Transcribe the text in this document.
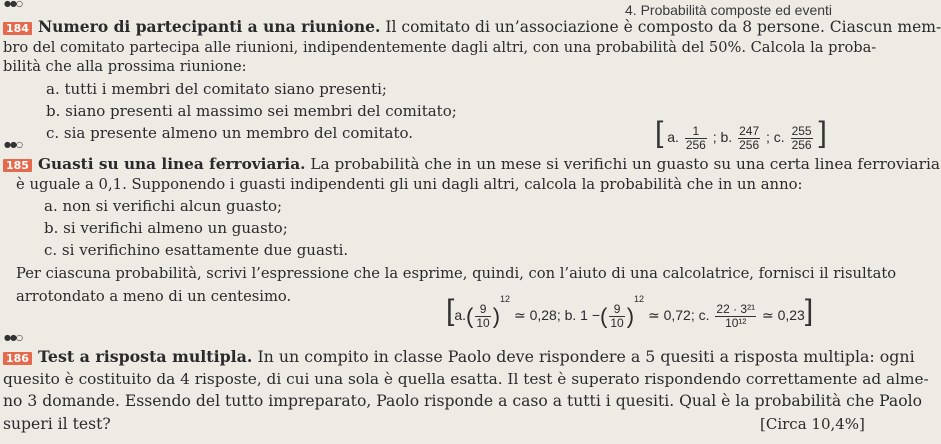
●●○	4. Probabilità composte ed eventi
184 Numero di partecipanti a una riunione. Il comitato di un’associazione è composto da 8 persone. Ciascun mem-
bro del comitato partecipa alle riunioni, indipendentemente dagli altri, con una probabilità del 50%. Calcola la proba-
bilità che alla prossima riunione:
a. tutti i membri del comitato siano presenti;
b. siano presenti al massimo sei membri del comitato;
c. sia presente almeno un membro del comitato.	[ a. $\frac{1}{256}$ ; b. $\frac{247}{256}$ ; c. $\frac{255}{256}$ ]
●●○
185 Guasti su una linea ferroviaria. La probabilità che in un mese si verifichi un guasto su una certa linea ferroviaria
è uguale a 0,1. Supponendo i guasti indipendenti gli uni dagli altri, calcola la probabilità che in un anno:
a. non si verifichi alcun guasto;
b. si verifichi almeno un guasto;
c. si verifichino esattamente due guasti.
Per ciascuna probabilità, scrivi l’espressione che la esprime, quindi, con l’aiuto di una calcolatrice, fornisci il risultato
arrotondato a meno di un centesimo.	[$a.( \frac{9}{10} )^{12}$ ≃ 0,28; b. 1 −( $\frac{9}{10} )^{12}$ ≃ 0,72; c. $\frac{\text{22 · 3²¹}}{\text{10¹²}}$ ≃ 0,23]
●●○
186 Test a risposta multipla. In un compito in classe Paolo deve rispondere a 5 quesiti a risposta multipla: ogni
quesito è costituito da 4 risposte, di cui una sola è quella esatta. Il test è superato rispondendo correttamente ad alme-
no 3 domande. Essendo del tutto impreparato, Paolo risponde a caso a tutti i quesiti. Qual è la probabilità che Paolo
superi il test?	[Circa 10,4%]
